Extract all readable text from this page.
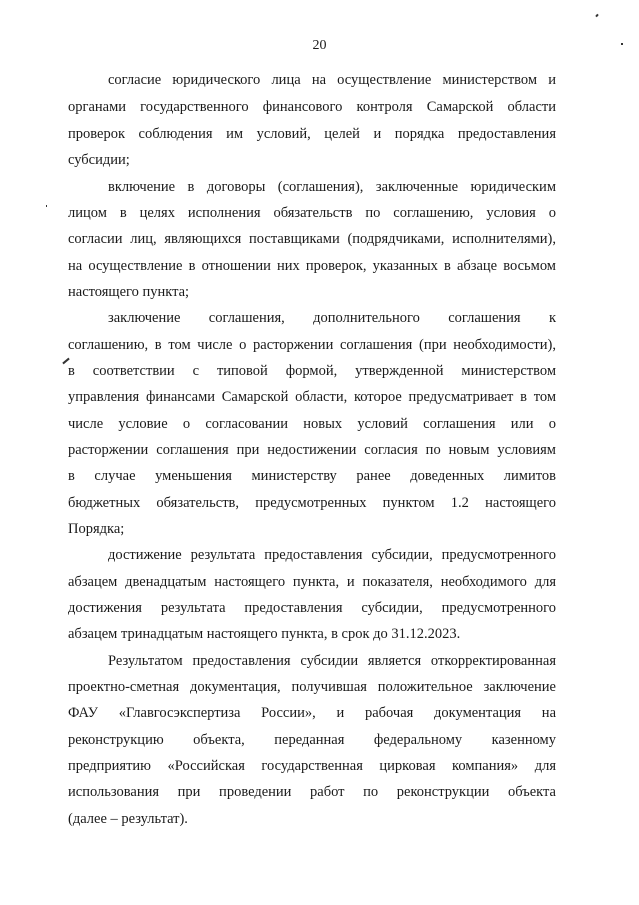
20
согласие юридического лица на осуществление министерством и
органами государственного финансового контроля Самарской области
проверок соблюдения им условий, целей и порядка предоставления
субсидии;
включение в договоры (соглашения), заключенные юридическим
лицом в целях исполнения обязательств по соглашению, условия о
согласии лиц, являющихся поставщиками (подрядчиками, исполнителями),
на осуществление в отношении них проверок, указанных в абзаце восьмом
настоящего пункта;
заключение соглашения, дополнительного соглашения к
соглашению, в том числе о расторжении соглашения (при необходимости),
в соответствии с типовой формой, утвержденной министерством
управления финансами Самарской области, которое предусматривает в том
числе условие о согласовании новых условий соглашения или о
расторжении соглашения при недостижении согласия по новым условиям
в случае уменьшения министерству ранее доведенных лимитов
бюджетных обязательств, предусмотренных пунктом 1.2 настоящего
Порядка;
достижение результата предоставления субсидии, предусмотренного
абзацем двенадцатым настоящего пункта, и показателя, необходимого для
достижения результата предоставления субсидии, предусмотренного
абзацем тринадцатым настоящего пункта, в срок до 31.12.2023.
Результатом предоставления субсидии является откорректированная
проектно-сметная документация, получившая положительное заключение
ФАУ «Главгосэкспертиза России», и рабочая документация на
реконструкцию объекта, переданная федеральному казенному
предприятию «Российская государственная цирковая компания» для
использования при проведении работ по реконструкции объекта
(далее – результат).
